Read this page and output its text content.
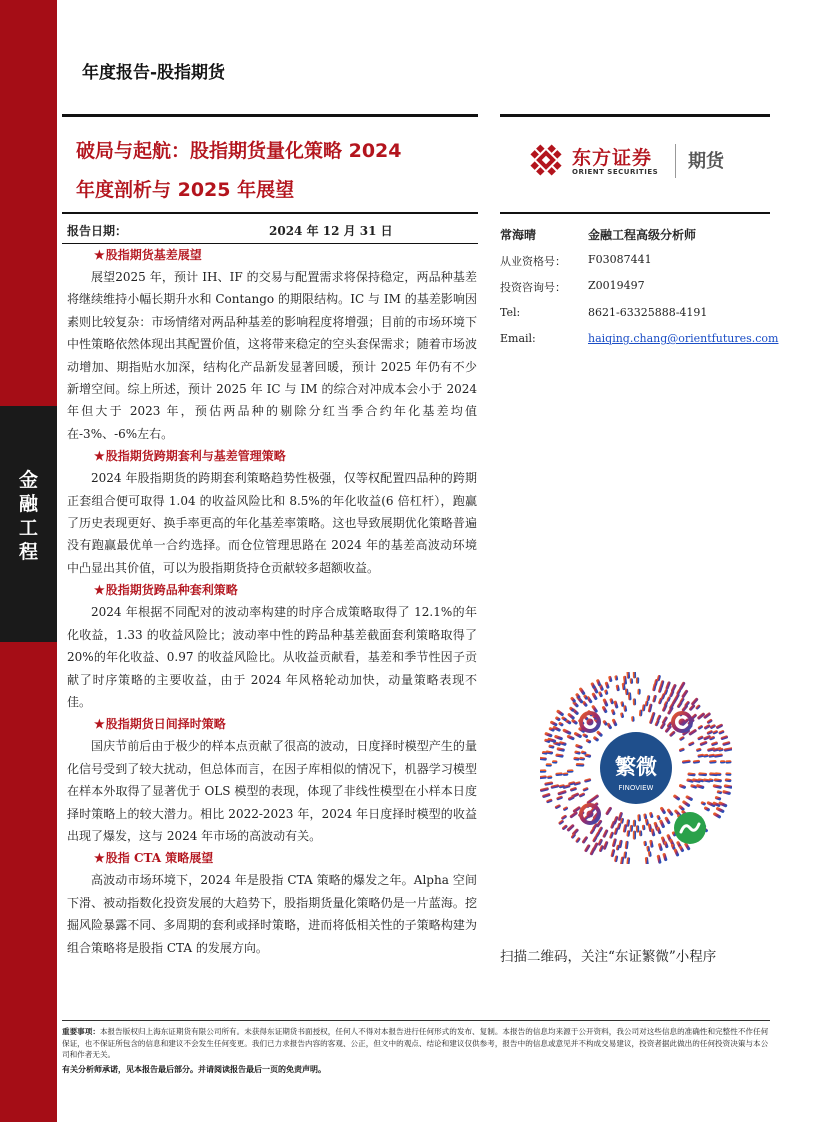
金
融
工
程
年度报告-股指期货
破局与起航：股指期货量化策略 2024
年度剖析与 2025 年展望
东方证券
ORIENT SECURITIES 期货
报告日期：	2024 年 12 月 31 日
★股指期货基差展望

展望2025 年，预计 IH、IF 的交易与配置需求将保持稳定，两品种基差将继续维持小幅长期升水和 Contango 的期限结构。IC 与 IM 的基差影响因素则比较复杂：市场情绪对两品种基差的影响程度将增强；目前的市场环境下中性策略依然体现出其配置价值，这将带来稳定的空头套保需求；随着市场波动增加、期指贴水加深，结构化产品新发显著回暖，预计 2025 年仍有不少新增空间。综上所述，预计 2025 年 IC 与 IM 的综合对冲成本会小于 2024 年但大于 2023 年，预估两品种的剔除分红当季合约年化基差均值在-3%、-6%左右。

★股指期货跨期套利与基差管理策略

2024 年股指期货的跨期套利策略趋势性极强，仅等权配置四品种的跨期正套组合便可取得 1.04 的收益风险比和 8.5%的年化收益(6 倍杠杆），跑赢了历史表现更好、换手率更高的年化基差率策略。这也导致展期优化策略普遍没有跑赢最优单一合约选择。而仓位管理思路在 2024 年的基差高波动环境中凸显出其价值，可以为股指期货持仓贡献较多超额收益。

★股指期货跨品种套利策略

2024 年根据不同配对的波动率构建的时序合成策略取得了 12.1%的年化收益，1.33 的收益风险比；波动率中性的跨品种基差截面套利策略取得了 20%的年化收益、0.97 的收益风险比。从收益贡献看，基差和季节性因子贡献了时序策略的主要收益，由于 2024 年风格轮动加快，动量策略表现不佳。

★股指期货日间择时策略

国庆节前后由于极少的样本点贡献了很高的波动，日度择时模型产生的量化信号受到了较大扰动，但总体而言，在因子库相似的情况下，机器学习模型在样本外取得了显著优于 OLS 模型的表现，体现了非线性模型在小样本日度择时策略上的较大潜力。相比 2022-2023 年，2024 年日度择时模型的收益出现了爆发，这与 2024 年市场的高波动有关。

★股指 CTA 策略展望

高波动市场环境下，2024 年是股指 CTA 策略的爆发之年。Alpha 空间下滑、被动指数化投资发展的大趋势下，股指期货量化策略仍是一片蓝海。挖掘风险暴露不同、多周期的套利或择时策略，进而将低相关性的子策略构建为组合策略将是股指 CTA 的发展方向。

常海晴	金融工程高级分析师
从业资格号： F03087441
投资咨询号： Z0019497
Tel:	8621-63325888-4191
Email:	haiqing.chang@orientfutures.com
繁微
FINOVIEW
扫描二维码，关注“东证繁微”小程序
重要事项：本报告版权归上海东证期货有限公司所有。未获得东证期货书面授权，任何人不得对本报告进行任何形式的发布、复制。本报告的信息均来源于公开资料，我公司对这些信息的准确性和完整性不作任何保证，也不保证所包含的信息和建议不会发生任何变更。我们已力求报告内容的客观、公正，但文中的观点、结论和建议仅供参考，报告中的信息或意见并不构成交易建议，投资者据此做出的任何投资决策与本公司和作者无关。
有关分析师承诺，见本报告最后部分。并请阅读报告最后一页的免责声明。
